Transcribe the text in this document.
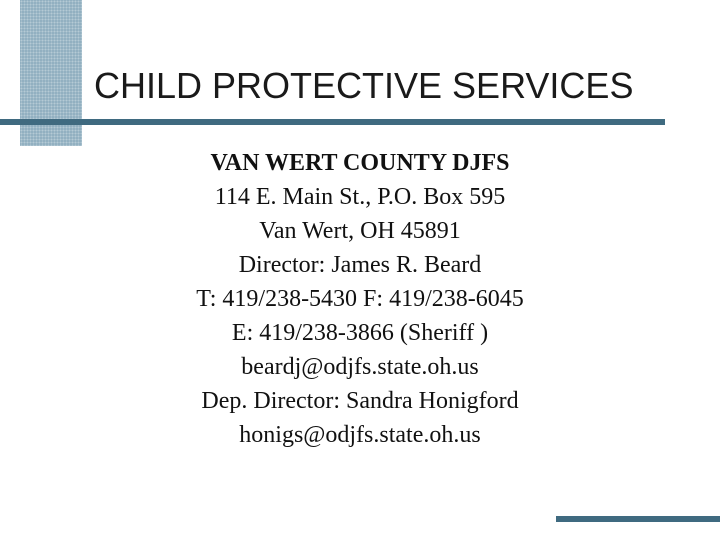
CHILD PROTECTIVE SERVICES
VAN WERT COUNTY DJFS
114 E. Main St., P.O. Box 595
Van Wert, OH 45891
Director: James R. Beard
T: 419/238-5430 F: 419/238-6045
E: 419/238-3866 (Sheriff )
beardj@odjfs.state.oh.us
Dep. Director: Sandra Honigford
honigs@odjfs.state.oh.us
